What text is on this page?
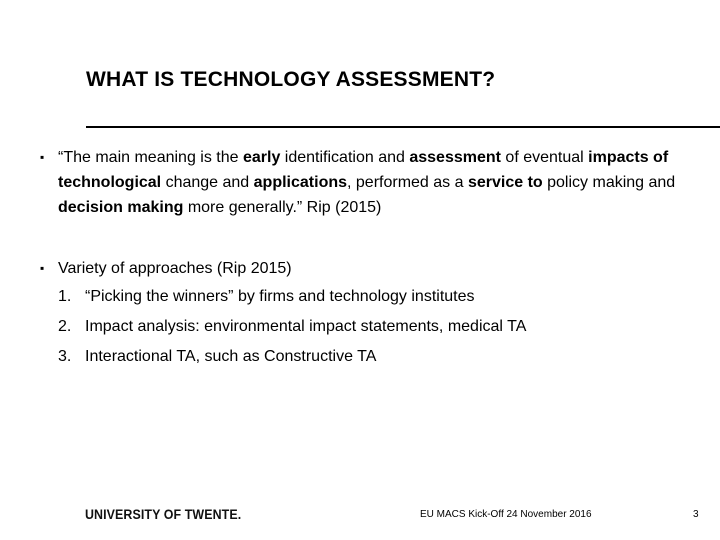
WHAT IS TECHNOLOGY ASSESSMENT?
▪ “The main meaning is the early identification and assessment of eventual impacts of technological change and applications, performed as a service to policy making and decision making more generally.” Rip (2015)
▪ Variety of approaches (Rip 2015)
1. “Picking the winners” by firms and technology institutes
2. Impact analysis: environmental impact statements, medical TA
3. Interactional TA, such as Constructive TA
UNIVERSITY OF TWENTE.	EU MACS Kick-Off 24 November 2016	3
